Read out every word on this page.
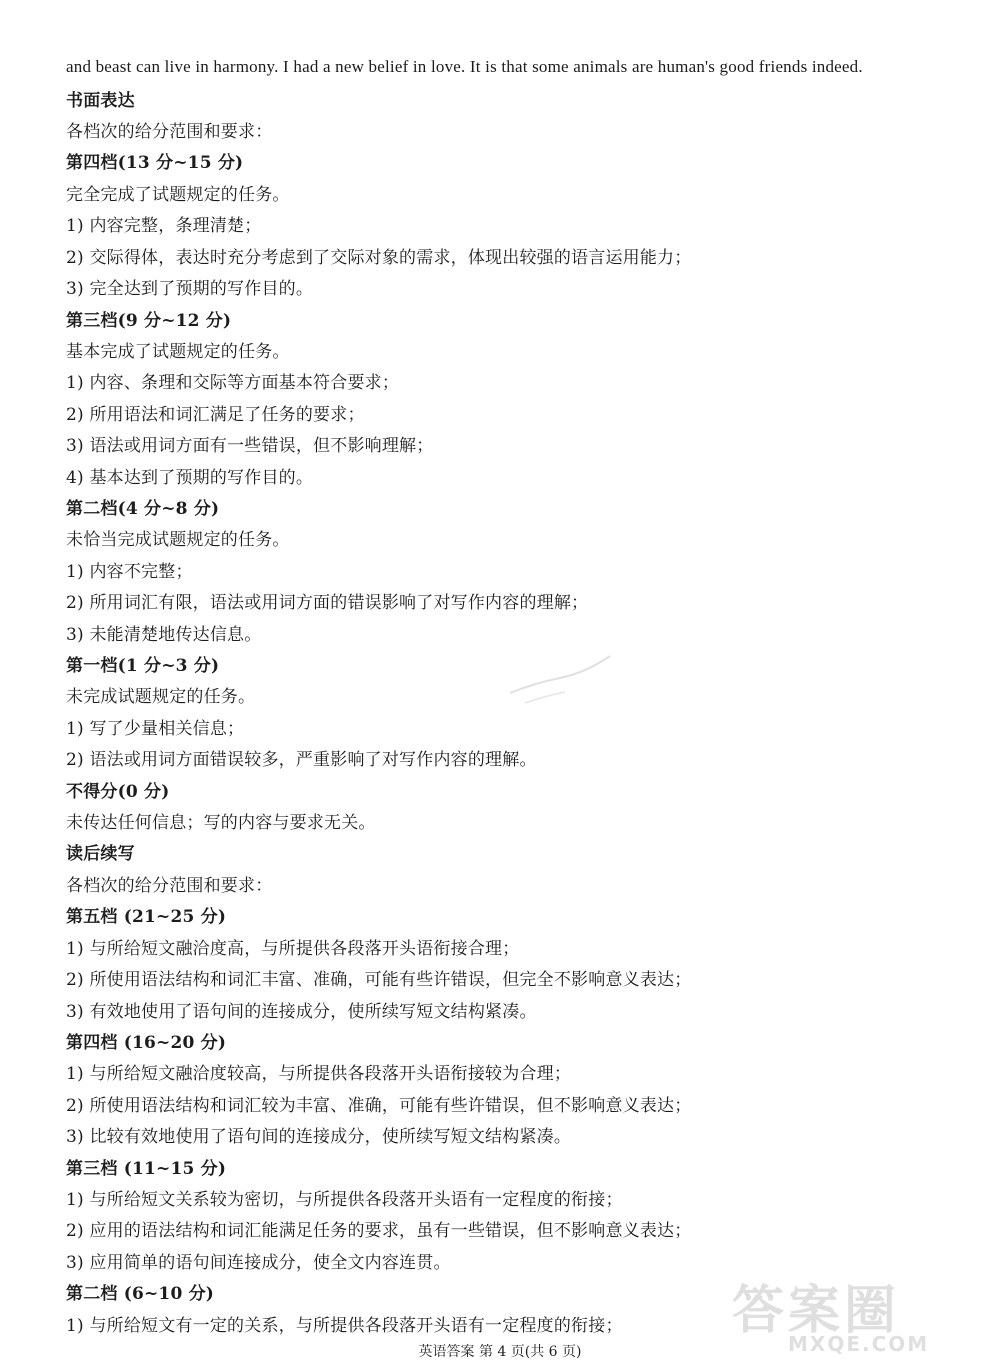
and beast can live in harmony. I had a new belief in love. It is that some animals are human's good friends indeed.
书面表达
各档次的给分范围和要求：
第四档(13 分~15 分)
完全完成了试题规定的任务。
1) 内容完整，条理清楚；
2) 交际得体，表达时充分考虑到了交际对象的需求，体现出较强的语言运用能力；
3) 完全达到了预期的写作目的。
第三档(9 分~12 分)
基本完成了试题规定的任务。
1) 内容、条理和交际等方面基本符合要求；
2) 所用语法和词汇满足了任务的要求；
3) 语法或用词方面有一些错误，但不影响理解；
4) 基本达到了预期的写作目的。
第二档(4 分~8 分)
未恰当完成试题规定的任务。
1) 内容不完整；
2) 所用词汇有限，语法或用词方面的错误影响了对写作内容的理解；
3) 未能清楚地传达信息。
第一档(1 分~3 分)
未完成试题规定的任务。
1) 写了少量相关信息；
2) 语法或用词方面错误较多，严重影响了对写作内容的理解。
不得分(0 分)
未传达任何信息；写的内容与要求无关。
读后续写
各档次的给分范围和要求：
第五档 (21~25 分)
1) 与所给短文融洽度高，与所提供各段落开头语衔接合理；
2) 所使用语法结构和词汇丰富、准确，可能有些许错误，但完全不影响意义表达；
3) 有效地使用了语句间的连接成分，使所续写短文结构紧凑。
第四档 (16~20 分)
1) 与所给短文融洽度较高，与所提供各段落开头语衔接较为合理；
2) 所使用语法结构和词汇较为丰富、准确，可能有些许错误，但不影响意义表达；
3) 比较有效地使用了语句间的连接成分，使所续写短文结构紧凑。
第三档 (11~15 分)
1) 与所给短文关系较为密切，与所提供各段落开头语有一定程度的衔接；
2) 应用的语法结构和词汇能满足任务的要求，虽有一些错误，但不影响意义表达；
3) 应用简单的语句间连接成分，使全文内容连贯。
第二档 (6~10 分)
1) 与所给短文有一定的关系，与所提供各段落开头语有一定程度的衔接；
英语答案 第 4 页(共 6 页)
答案圈
MXQE.COM
